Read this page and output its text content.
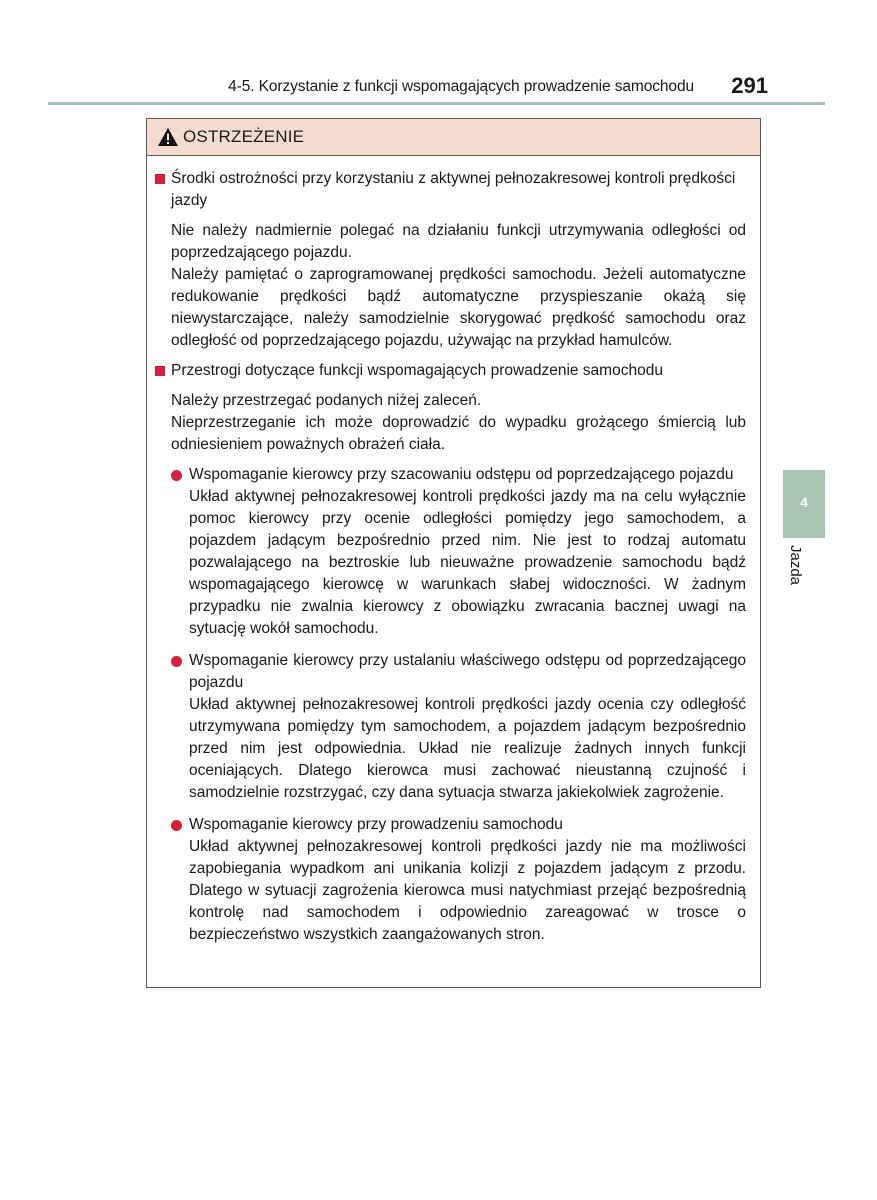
4-5. Korzystanie z funkcji wspomagających prowadzenie samochodu 291
OSTRZEŻENIE
Środki ostrożności przy korzystaniu z aktywnej pełnozakresowej kontroli prędkości jazdy

Nie należy nadmiernie polegać na działaniu funkcji utrzymywania odległości od poprzedzającego pojazdu.

Należy pamiętać o zaprogramowanej prędkości samochodu. Jeżeli automatyczne redukowanie prędkości bądź automatyczne przyspieszanie okażą się niewystarczające, należy samodzielnie skorygować prędkość samochodu oraz odległość od poprzedzającego pojazdu, używając na przykład hamulców.

Przestrogi dotyczące funkcji wspomagających prowadzenie samochodu

Należy przestrzegać podanych niżej zaleceń.

Nieprzestrzeganie ich może doprowadzić do wypadku grożącego śmiercią lub odniesieniem poważnych obrażeń ciała.

Wspomaganie kierowcy przy szacowaniu odstępu od poprzedzającego pojazdu
Układ aktywnej pełnozakresowej kontroli prędkości jazdy ma na celu wyłącznie pomoc kierowcy przy ocenie odległości pomiędzy jego samochodem, a pojazdem jadącym bezpośrednio przed nim. Nie jest to rodzaj automatu pozwalającego na beztroskie lub nieuważne prowadzenie samochodu bądź wspomagającego kierowcę w warunkach słabej widoczności. W żadnym przypadku nie zwalnia kierowcy z obowiązku zwracania bacznej uwagi na sytuację wokół samochodu.
Wspomaganie kierowcy przy ustalaniu właściwego odstępu od poprzedzającego pojazdu
Układ aktywnej pełnozakresowej kontroli prędkości jazdy ocenia czy odległość utrzymywana pomiędzy tym samochodem, a pojazdem jadącym bezpośrednio przed nim jest odpowiednia. Układ nie realizuje żadnych innych funkcji oceniających. Dlatego kierowca musi zachować nieustanną czujność i samodzielnie rozstrzygać, czy dana sytuacja stwarza jakiekolwiek zagrożenie.
Wspomaganie kierowcy przy prowadzeniu samochodu
Układ aktywnej pełnozakresowej kontroli prędkości jazdy nie ma możliwości zapobiegania wypadkom ani unikania kolizji z pojazdem jadącym z przodu. Dlatego w sytuacji zagrożenia kierowca musi natychmiast przejąć bezpośrednią kontrolę nad samochodem i odpowiednio zareagować w trosce o bezpieczeństwo wszystkich zaangażowanych stron.
4
Jazda
